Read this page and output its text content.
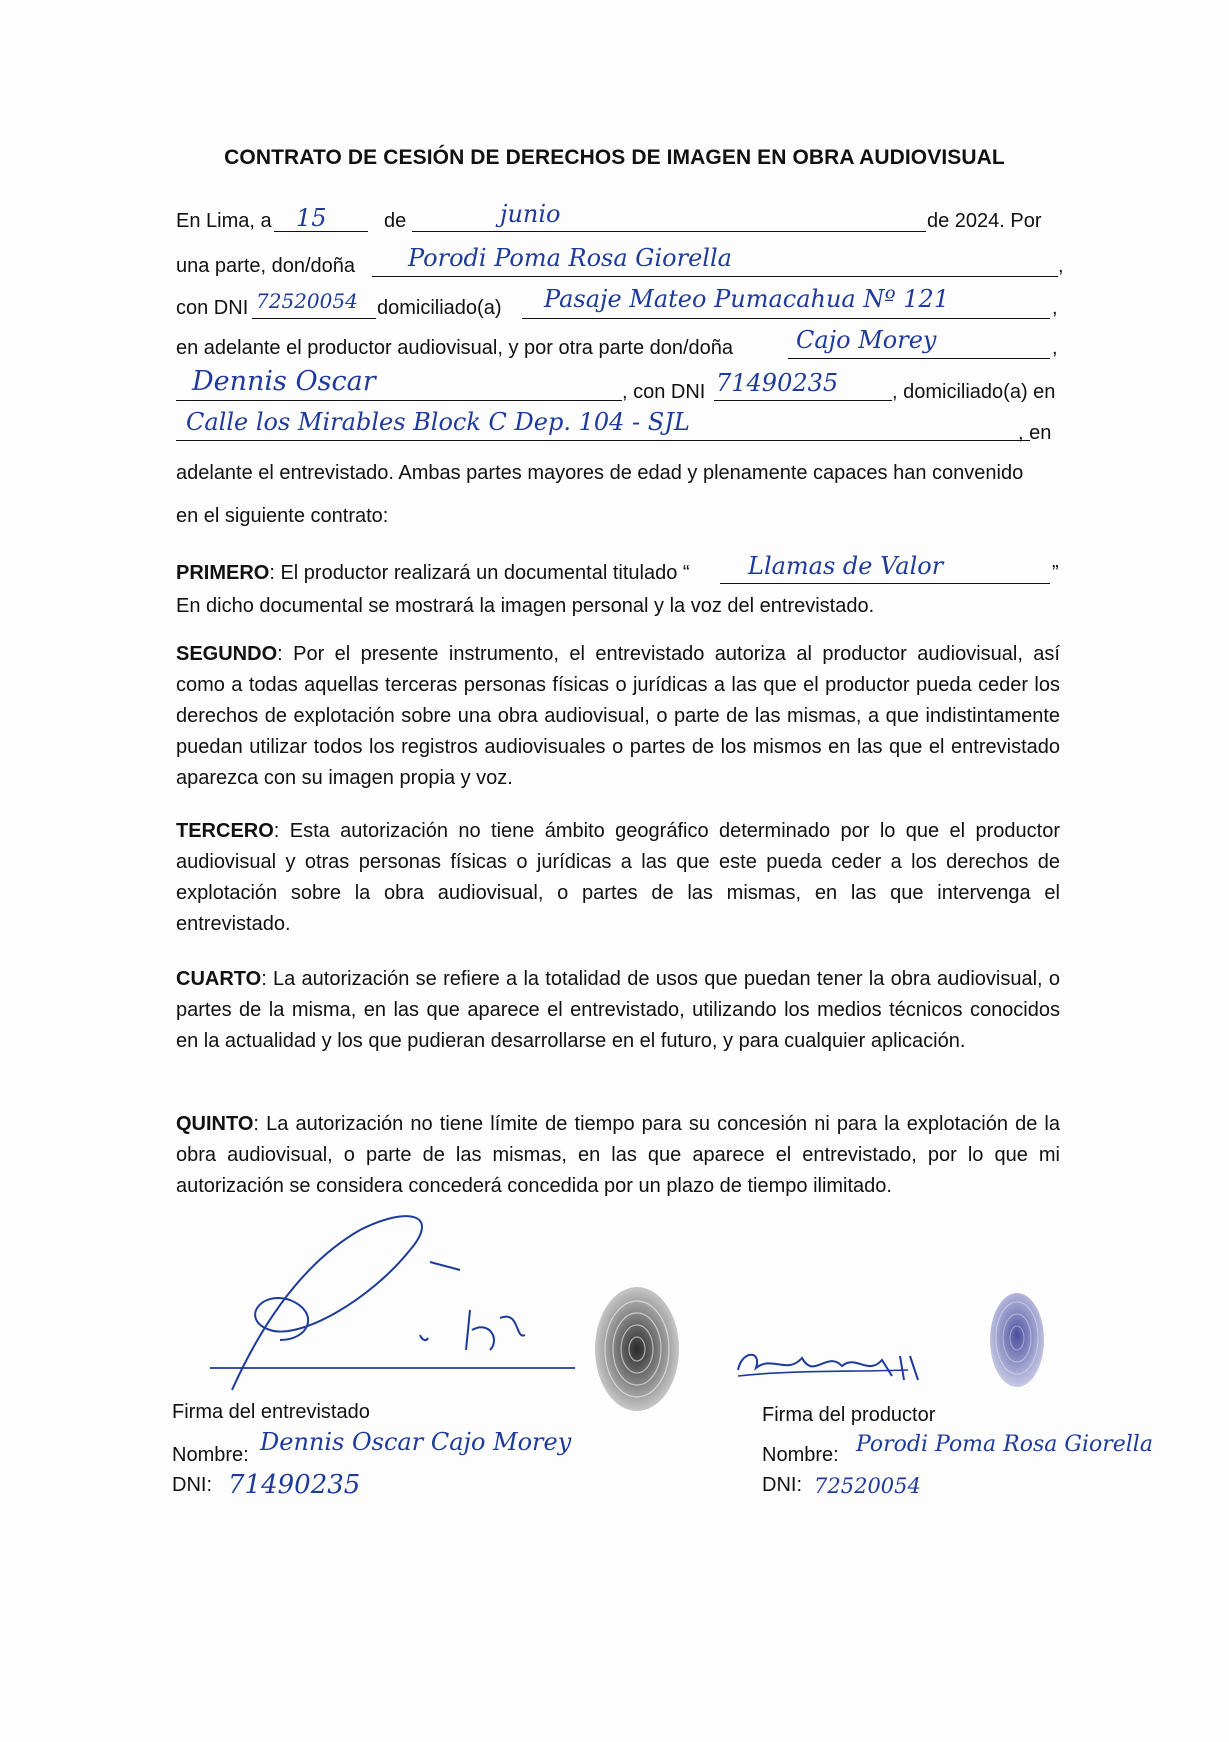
CONTRATO DE CESIÓN DE DERECHOS DE IMAGEN EN OBRA AUDIOVISUAL
En Lima, a 15	de	junio	de 2024. Por
una parte, don/doña Porodi Poma Rosa Giorella	,
con DNI 72520054 domiciliado(a) Pasaje Mateo Pumacahua Nº 121	,
en adelante el productor audiovisual, y por otra parte don/doña	Cajo Morey	,
Dennis Oscar	, con DNI 71490235	, domiciliado(a) en
Calle los Mirables Block C Dep. 104 - SJL	, en
adelante el entrevistado. Ambas partes mayores de edad y plenamente capaces han convenido
en el siguiente contrato:
PRIMERO: El productor realizará un documental titulado “ Llamas de Valor	”
En dicho documental se mostrará la imagen personal y la voz del entrevistado.
SEGUNDO: Por el presente instrumento, el entrevistado autoriza al productor audiovisual, así como a todas aquellas terceras personas físicas o jurídicas a las que el productor pueda ceder los derechos de explotación sobre una obra audiovisual, o parte de las mismas, a que indistintamente puedan utilizar todos los registros audiovisuales o partes de los mismos en las que el entrevistado aparezca con su imagen propia y voz.
TERCERO: Esta autorización no tiene ámbito geográfico determinado por lo que el productor audiovisual y otras personas físicas o jurídicas a las que este pueda ceder a los derechos de explotación sobre la obra audiovisual, o partes de las mismas, en las que intervenga el entrevistado.
CUARTO: La autorización se refiere a la totalidad de usos que puedan tener la obra audiovisual, o partes de la misma, en las que aparece el entrevistado, utilizando los medios técnicos conocidos en la actualidad y los que pudieran desarrollarse en el futuro, y para cualquier aplicación.
QUINTO: La autorización no tiene límite de tiempo para su concesión ni para la explotación de la obra audiovisual, o parte de las mismas, en las que aparece el entrevistado, por lo que mi autorización se considera concederá concedida por un plazo de tiempo ilimitado.
Firma del entrevistado	Firma del productor
Nombre: Dennis Oscar Cajo Morey
DNI: 71490235
Nombre: Porodi Poma Rosa Giorella
DNI: 72520054
